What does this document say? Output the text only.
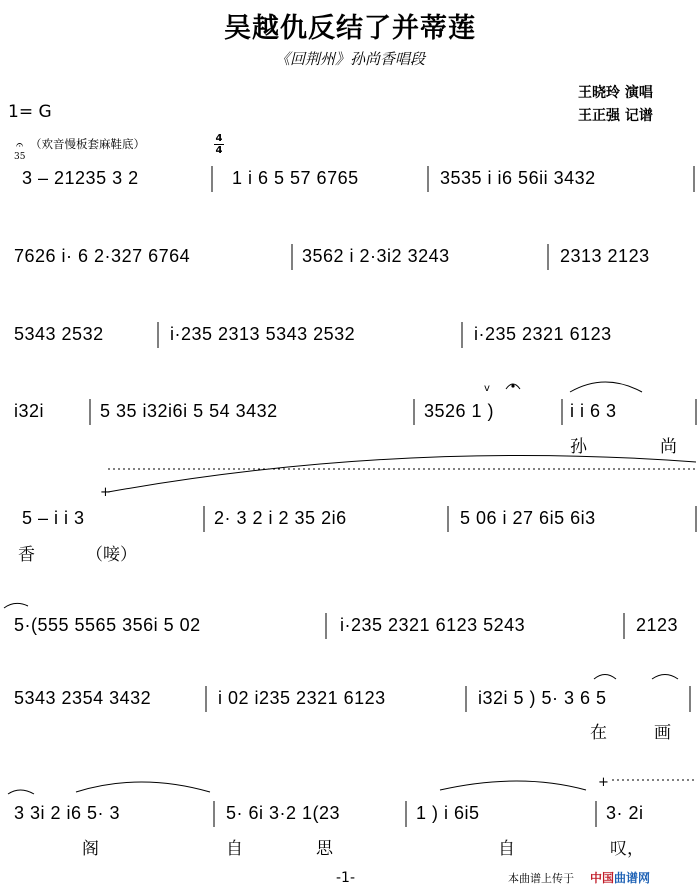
吴越仇反结了并蒂莲
《回荆州》孙尚香唱段
王晓玲 演唱
王正强 记谱
1= G
𝄐 （欢音慢板套麻鞋底）	4
4
35
3 – 21235 3 2	1 i 6 5 57 6765	3535 i i6 56ii 3432
7626 i· 6 2·327 6764	3562 i 2·3i2 3243	2313 2123
5343 2532	i·235 2313 5343 2532	i·235 2321 6123
i32i	5 35 i32i6i 5 54 3432	3526 1 )	i i 6 3
孙	尚
5 – i i 3	2· 3 2 i 2 35 2i6	5 06 i 27 6i5 6i3
香	（唼）
5·(555 5565 356i 5 02	i·235 2321 6123 5243	2123
5343 2354 3432	i 02 i235 2321 6123	i32i 5 ) 5· 3 6 5
在	画
3 3i 2 i6 5· 3	5· 6i 3·2 1(23	1 ) i 6i5	3· 2i
阁	自	思	自	叹，
v
+
+
-1-	本曲谱上传于 中国曲谱网
